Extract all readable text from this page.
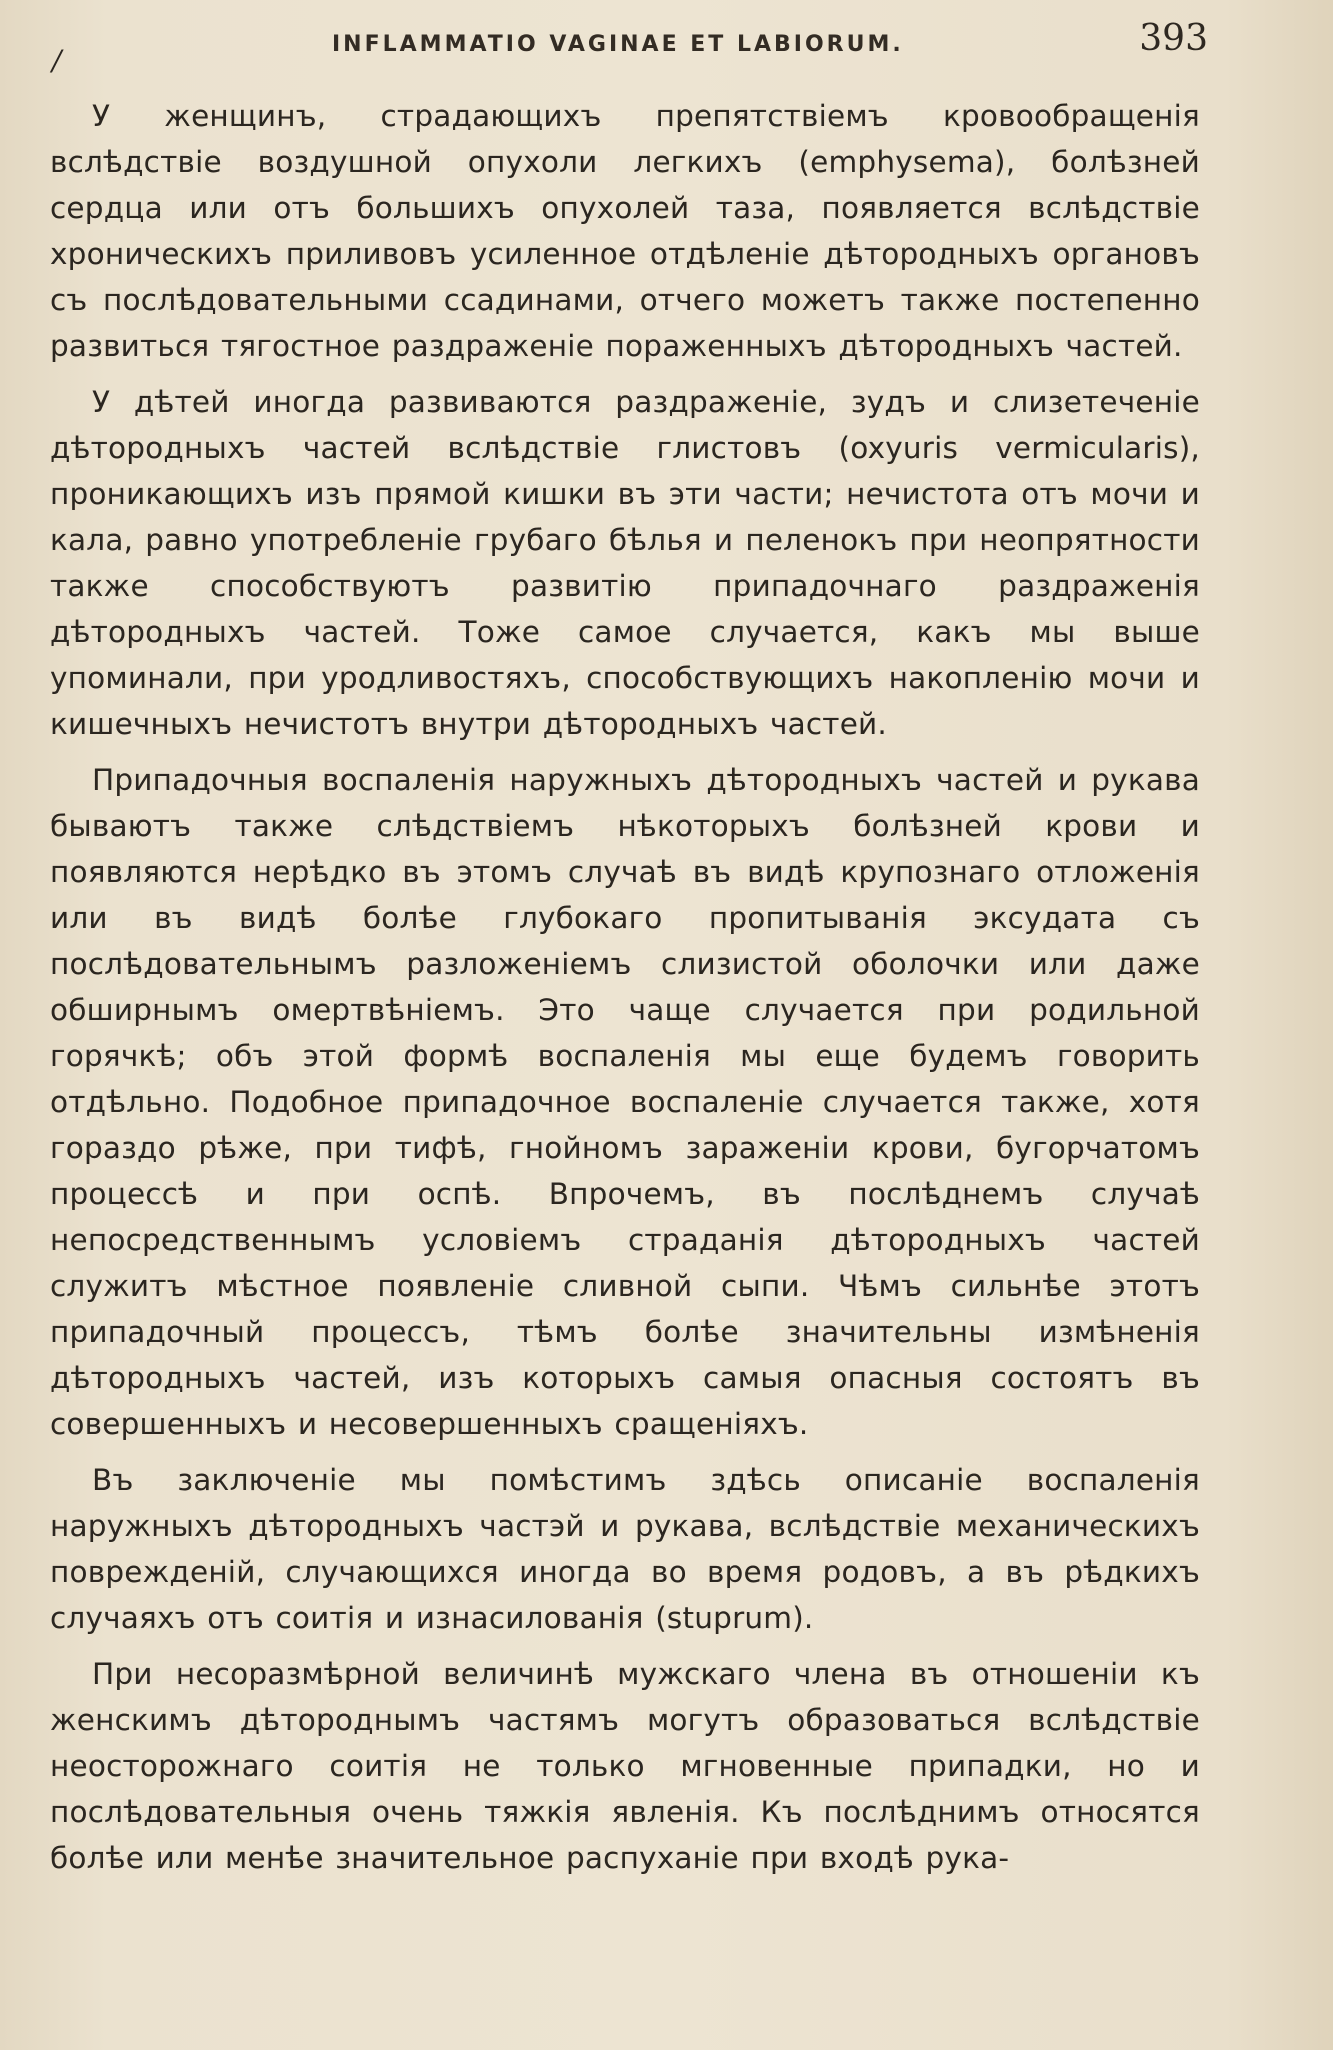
/	INFLAMMATIO VAGINAE ET LABIORUM.	393

У женщинъ, страдающихъ препятствіемъ кровообращенія вслѣдствіе воздушной опухоли легкихъ (emphysema), болѣзней сердца или отъ большихъ опухолей таза, появляется вслѣдствіе хроническихъ приливовъ усиленное отдѣленіе дѣтородныхъ органовъ съ послѣдовательными ссадинами, отчего можетъ также постепенно развиться тягостное раздраженіе пораженныхъ дѣтородныхъ частей.

У дѣтей иногда развиваются раздраженіе, зудъ и слизетеченіе дѣтородныхъ частей вслѣдствіе глистовъ (oxyuris vermicularis), проникающихъ изъ прямой кишки въ эти части; нечистота отъ мочи и кала, равно употребленіе грубаго бѣлья и пеленокъ при неопрятности также способствуютъ развитію припадочнаго раздраженія дѣтородныхъ частей. Тоже самое случается, какъ мы выше упоминали, при уродливостяхъ, способствующихъ накопленію мочи и кишечныхъ нечистотъ внутри дѣтородныхъ частей.

Припадочныя воспаленія наружныхъ дѣтородныхъ частей и рукава бываютъ также слѣдствіемъ нѣкоторыхъ болѣзней крови и появляются нерѣдко въ этомъ случаѣ въ видѣ крупознаго отложенія или въ видѣ болѣе глубокаго пропитыванія эксудата съ послѣдовательнымъ разложеніемъ слизистой оболочки или даже обширнымъ омертвѣніемъ. Это чаще случается при родильной горячкѣ; объ этой формѣ воспаленія мы еще будемъ говорить отдѣльно. Подобное припадочное воспаленіе случается также, хотя гораздо рѣже, при тифѣ, гнойномъ зараженіи крови, бугорчатомъ процессѣ и при оспѣ. Впрочемъ, въ послѣднемъ случаѣ непосредственнымъ условіемъ страданія дѣтородныхъ частей служитъ мѣстное появленіе сливной сыпи. Чѣмъ сильнѣе этотъ припадочный процессъ, тѣмъ болѣе значительны измѣненія дѣтородныхъ частей, изъ которыхъ самыя опасныя состоятъ въ совершенныхъ и несовершенныхъ сращеніяхъ.

Въ заключеніе мы помѣстимъ здѣсь описаніе воспаленія наружныхъ дѣтородныхъ частэй и рукава, вслѣдствіе механическихъ поврежденій, случающихся иногда во время родовъ, а въ рѣдкихъ случаяхъ отъ соитія и изнасилованія (stuprum).

При несоразмѣрной величинѣ мужскаго члена въ отношеніи къ женскимъ дѣтороднымъ частямъ могутъ образоваться вслѣдствіе неосторожнаго соитія не только мгновенные припадки, но и послѣдовательныя очень тяжкія явленія. Къ послѣднимъ относятся болѣе или менѣе значительное распуханіе при входѣ рука-
